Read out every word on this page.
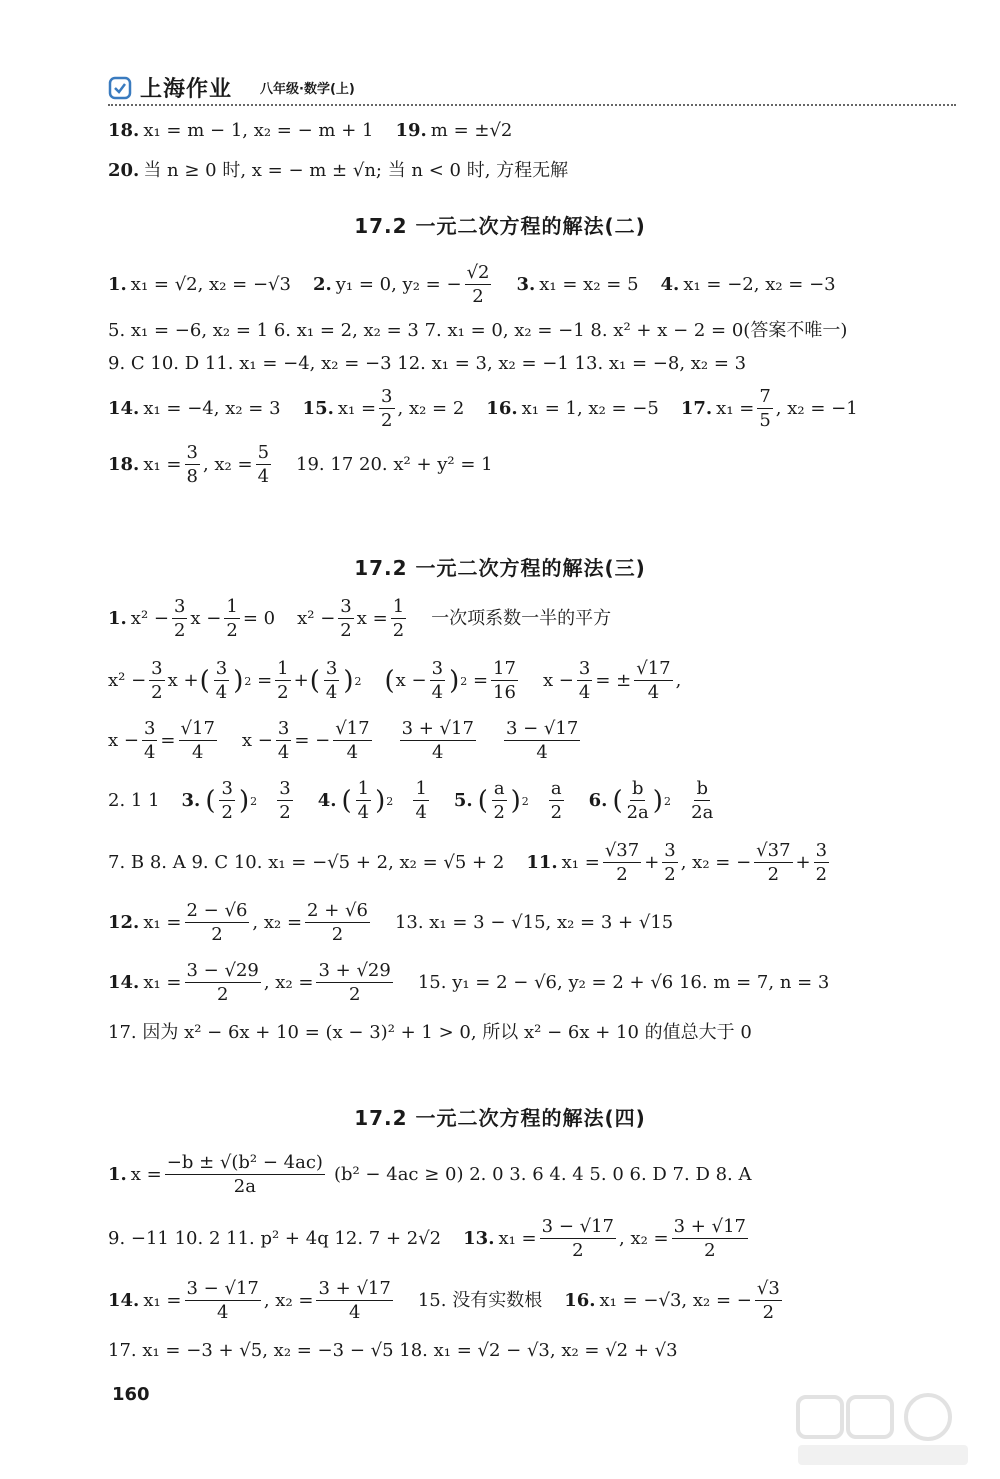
上海作业 八年级·数学(上)
18. x₁ = m − 1, x₂ = − m + 1 19. m = ±√2
20. 当 n ≥ 0 时, x = − m ± √n; 当 n < 0 时, 方程无解
17.2 一元二次方程的解法(二)
1. x₁ = √2, x₂ = −√3 2. y₁ = 0, y₂ = − $\frac{√2}{2} 3$. x₁ = x₂ = 5 4. x₁ = −2, x₂ = −3
5. x₁ = −6, x₂ = 1 6. x₁ = 2, x₂ = 3 7. x₁ = 0, x₂ = −1 8. x² + x − 2 = 0(答案不唯一)
9. C 10. D 11. x₁ = −4, x₂ = −3 12. x₁ = 3, x₂ = −1 13. x₁ = −8, x₂ = 3
14. x₁ = −4, x₂ = 3 15. $x_1 = \frac{3}{2}$ , x₂ = 2 16. x₁ = 1, x₂ = −5 17. $x_1 = \frac{7}{5}$ , x₂ = −1
18. $x_1 = \frac{3}{8}$ , $x_2 = \frac{5}{4} 19$. 17 20. x² + y² = 1
17.2 一元二次方程的解法(三)
1. $x^2 - \frac{3}{2}$ $x - \frac{1}{2} = 0$ $x^2 - \frac{3}{2}$ $x = \frac{1}{2}$ 一次项系数一半的平方
$x^2 - \frac{3}{2}$ x + ( $\frac{3}{4}$ ) $2 = \frac{1}{2}$ + ( $\frac{3}{4}$ ) 2 ( $x - \frac{3}{4}$ ) $2 = \frac{17}{16}$ $x - \frac{3}{4}$ = ± $\frac{√17}{4}$ ,
$x - \frac{3}{4} = \frac{√17}{4}$ $x - \frac{3}{4}$ = − $\frac{√17}{4} \frac{3 + √17}{4} \frac{3 - √17}{4}$
2. 1 1 3. ( $\frac{3}{2}$ ) 2
$\frac{3}{2} 4$. ( $\frac{1}{4}$ ) 2
$\frac{1}{4} 5$. ( $\frac{a}{2}$ ) 2
$\frac{a}{2} 6$. ( $\frac{b}{2a}$ ) 2
$\frac{b}{2a}$
7. B 8. A 9. C 10. x₁ = −√5 + 2, x₂ = √5 + 2 11. $x_1 = \frac{√37}{2} + \frac{3}{2}$ , x₂ = − $\frac{√37}{2} + \frac{3}{2}$
12. $x_1 = \frac{2 - √6}{2}$ , $x_2 = \frac{2 + √6}{2} 13$. x₁ = 3 − √15, x₂ = 3 + √15
14. $x_1 = \frac{3 - √29}{2}$ , $x_2 = \frac{3 + √29}{2} 15$. y₁ = 2 − √6, y₂ = 2 + √6 16. m = 7, n = 3
17. 因为 x² − 6x + 10 = (x − 3)² + 1 > 0, 所以 x² − 6x + 10 的值总大于 0
17.2 一元二次方程的解法(四)
1. $x = \frac{\text{−b ± √(b² − 4ac)}}{2a} (b^2 - 4ac \ge 0)$ 2. 0 3. 6 4. 4 5. 0 6. D 7. D 8. A
9. −11 10. 2 11. p² + 4q 12. 7 + 2√2 13. $x_1 = \frac{3 - √17}{2}$ , $x_2 = \frac{3 + √17}{2}$
14. $x_1 = \frac{3 - √17}{4}$ , $x_2 = \frac{3 + √17}{4} 15$. 没有实数根 16. x₁ = −√3, x₂ = − $\frac{√3}{2}$
17. x₁ = −3 + √5, x₂ = −3 − √5 18. x₁ = √2 − √3, x₂ = √2 + √3
160
